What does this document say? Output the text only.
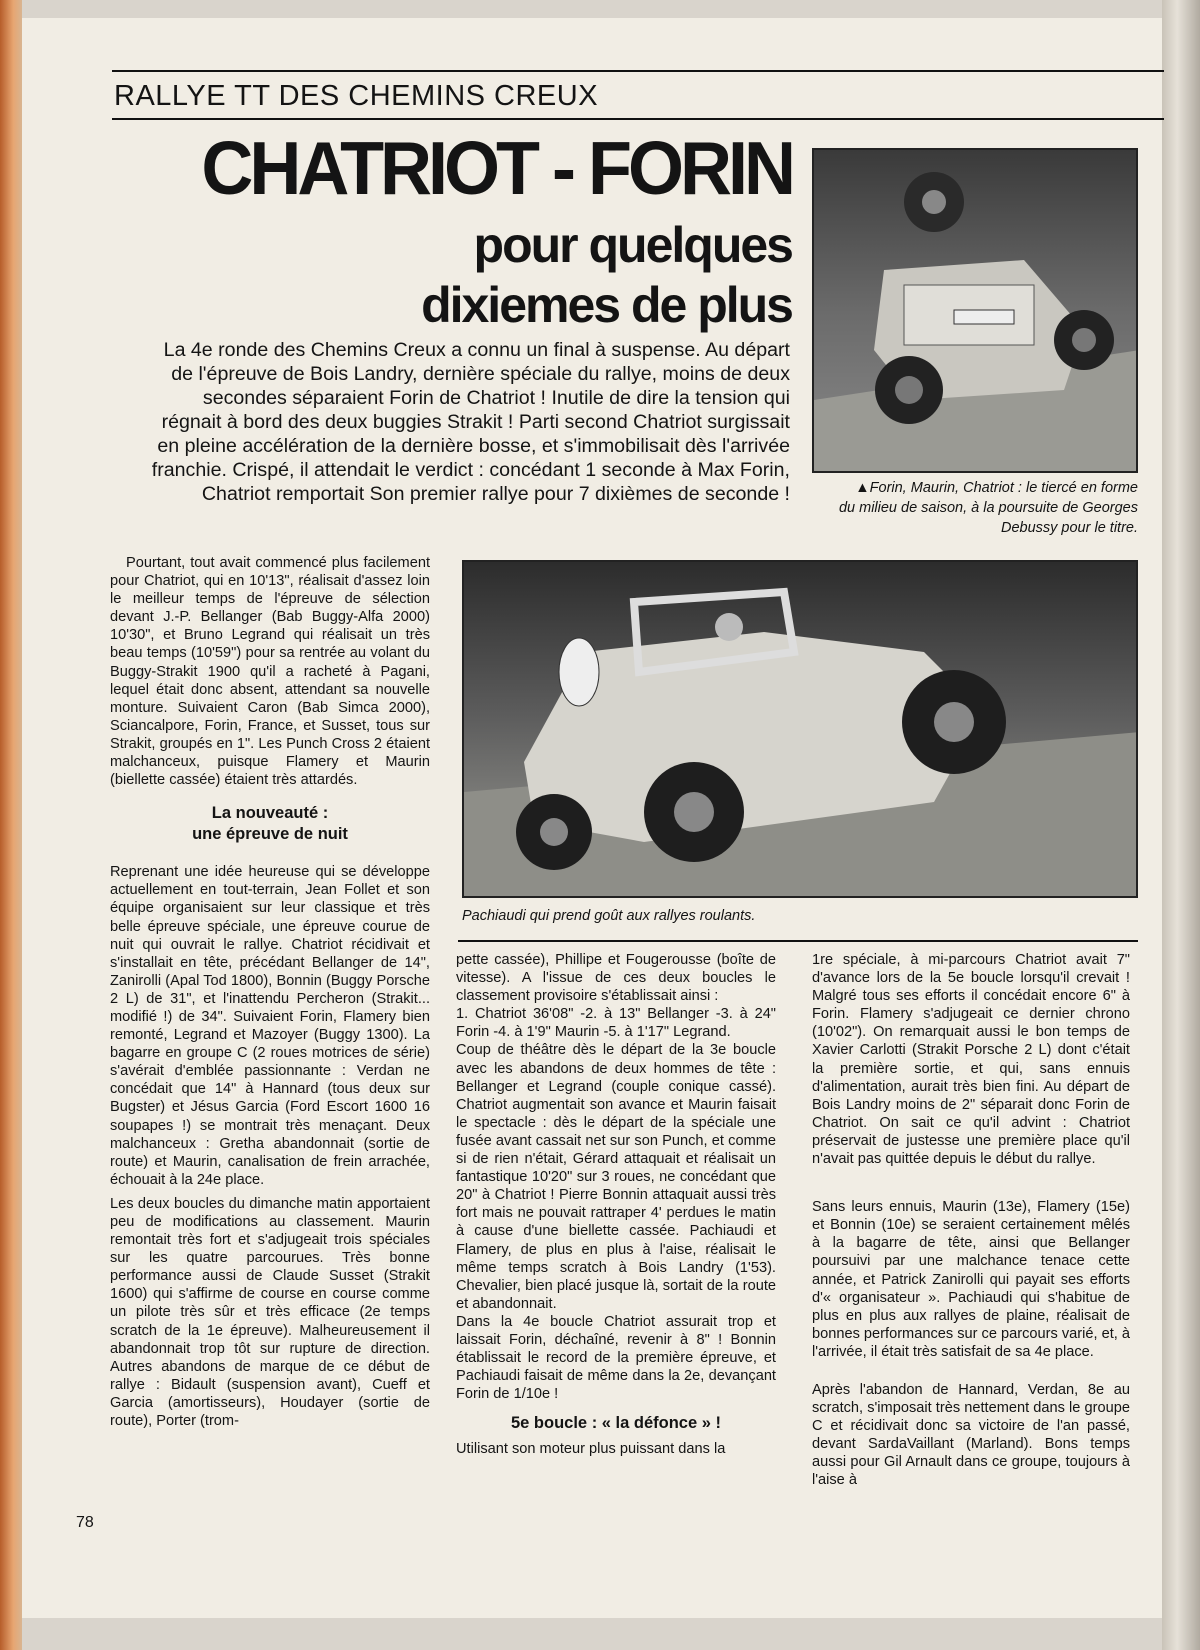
RALLYE TT DES CHEMINS CREUX
CHATRIOT - FORIN
pour quelques
dixiemes de plus
La 4e ronde des Chemins Creux a connu un final à suspense. Au départ de l'épreuve de Bois Landry, dernière spéciale du rallye, moins de deux secondes séparaient Forin de Chatriot ! Inutile de dire la tension qui régnait à bord des deux buggies Strakit ! Parti second Chatriot surgissait en pleine accélération de la dernière bosse, et s'immobilisait dès l'arrivée franchie. Crispé, il attendait le verdict : concédant 1 seconde à Max Forin, Chatriot remportait Son premier rallye pour 7 dixièmes de seconde !	▲Forin, Maurin, Chatriot : le tiercé en forme du milieu de saison, à la poursuite de Georges Debussy pour le titre.
Pachiaudi qui prend goût aux rallyes roulants.

Pourtant, tout avait commencé plus facilement pour Chatriot, qui en 10'13", réalisait d'assez loin le meilleur temps de l'épreuve de sélection devant J.-P. Bellanger (Bab Buggy-Alfa 2000) 10'30", et Bruno Legrand qui réalisait un très beau temps (10'59") pour sa rentrée au volant du Buggy-Strakit 1900 qu'il a racheté à Pagani, lequel était donc absent, attendant sa nouvelle monture. Suivaient Caron (Bab Simca 2000), Sciancalpore, Forin, France, et Susset, tous sur Strakit, groupés en 1". Les Punch Cross 2 étaient malchanceux, puisque Flamery et Maurin (biellette cassée) étaient très attardés.

La nouveauté :
une épreuve de nuit

Reprenant une idée heureuse qui se développe actuellement en tout-terrain, Jean Follet et son équipe organisaient sur leur classique et très belle épreuve spéciale, une épreuve courue de nuit qui ouvrait le rallye. Chatriot récidivait et s'installait en tête, précédant Bellanger de 14", Zanirolli (Apal Tod 1800), Bonnin (Buggy Porsche 2 L) de 31", et l'inattendu Percheron (Strakit... modifié !) de 34". Suivaient Forin, Flamery bien remonté, Legrand et Mazoyer (Buggy 1300). La bagarre en groupe C (2 roues motrices de série) s'avérait d'emblée passionnante : Verdan ne concédait que 14" à Hannard (tous deux sur Bugster) et Jésus Garcia (Ford Escort 1600 16 soupapes !) se montrait très menaçant. Deux malchanceux : Gretha abandonnait (sortie de route) et Maurin, canalisation de frein arrachée, échouait à la 24e place.

Les deux boucles du dimanche matin apportaient peu de modifications au classement. Maurin remontait très fort et s'adjugeait trois spéciales sur les quatre parcourues. Très bonne performance aussi de Claude Susset (Strakit 1600) qui s'affirme de course en course comme un pilote très sûr et très efficace (2e temps scratch de la 1e épreuve). Malheureusement il abandonnait trop tôt sur rupture de direction. Autres abandons de marque de ce début de rallye : Bidault (suspension avant), Cueff et Garcia (amortisseurs), Houdayer (sortie de route), Porter (trom-

pette cassée), Phillipe et Fougerousse (boîte de vitesse). A l'issue de ces deux boucles le classement provisoire s'établissait ainsi :

1. Chatriot 36'08" -2. à 13" Bellanger -3. à 24" Forin -4. à 1'9" Maurin -5. à 1'17" Legrand.

Coup de théâtre dès le départ de la 3e boucle avec les abandons de deux hommes de tête : Bellanger et Legrand (couple conique cassé). Chatriot augmentait son avance et Maurin faisait le spectacle : dès le départ de la spéciale une fusée avant cassait net sur son Punch, et comme si de rien n'était, Gérard attaquait et réalisait un fantastique 10'20" sur 3 roues, ne concédant que 20" à Chatriot ! Pierre Bonnin attaquait aussi très fort mais ne pouvait rattraper 4' perdues le matin à cause d'une biellette cassée. Pachiaudi et Flamery, de plus en plus à l'aise, réalisait le même temps scratch à Bois Landry (1'53). Chevalier, bien placé jusque là, sortait de la route et abandonnait.

Dans la 4e boucle Chatriot assurait trop et laissait Forin, déchaîné, revenir à 8" ! Bonnin établissait le record de la première épreuve, et Pachiaudi faisait de même dans la 2e, devançant Forin de 1/10e !

5e boucle : « la défonce » !

Utilisant son moteur plus puissant dans la

1re spéciale, à mi-parcours Chatriot avait 7" d'avance lors de la 5e boucle lorsqu'il crevait ! Malgré tous ses efforts il concédait encore 6" à Forin. Flamery s'adjugeait ce dernier chrono (10'02"). On remarquait aussi le bon temps de Xavier Carlotti (Strakit Porsche 2 L) dont c'était la première sortie, et qui, sans ennuis d'alimentation, aurait très bien fini. Au départ de Bois Landry moins de 2" séparait donc Forin de Chatriot. On sait ce qu'il advint : Chatriot préservait de justesse une première place qu'il n'avait pas quittée depuis le début du rallye.

Sans leurs ennuis, Maurin (13e), Flamery (15e) et Bonnin (10e) se seraient certainement mêlés à la bagarre de tête, ainsi que Bellanger poursuivi par une malchance tenace cette année, et Patrick Zanirolli qui payait ses efforts d'« organisateur ». Pachiaudi qui s'habitue de plus en plus aux rallyes de plaine, réalisait de bonnes performances sur ce parcours varié, et, à l'arrivée, il était très satisfait de sa 4e place.

Après l'abandon de Hannard, Verdan, 8e au scratch, s'imposait très nettement dans le groupe C et récidivait donc sa victoire de l'an passé, devant SardaVaillant (Marland). Bons temps aussi pour Gil Arnault dans ce groupe, toujours à l'aise à

78
